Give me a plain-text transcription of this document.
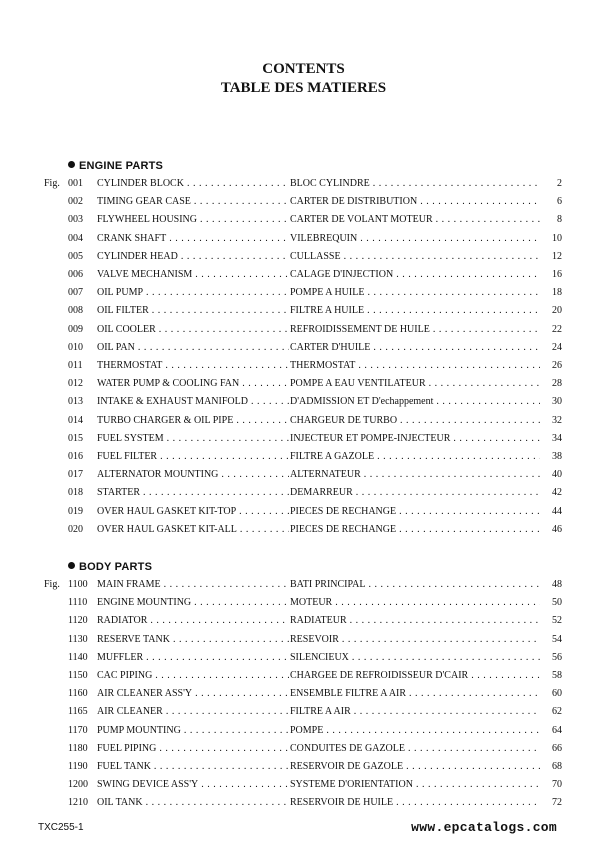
CONTENTS
TABLE DES MATIERES
ENGINE PARTS
Fig. 001 CYLINDER BLOCK . . .	BLOC CYLINDRE . . .	2
002 TIMING GEAR CASE . . .	CARTER DE DISTRIBUTION . . .	6
003 FLYWHEEL HOUSING . . .	CARTER DE VOLANT MOTEUR . . .	8
004 CRANK SHAFT . . .	VILEBREQUIN . . .	10
005 CYLINDER HEAD . . .	CULLASSE . . .	12
006 VALVE MECHANISM . . .	CALAGE D'INJECTION . . .	16
007 OIL PUMP . . .	POMPE A HUILE . . .	18
008 OIL FILTER . . .	FILTRE A HUILE . . .	20
009 OIL COOLER . . .	REFROIDISSEMENT DE HUILE . . .	22
010 OIL PAN . . .	CARTER D'HUILE . . .	24
011 THERMOSTAT . . .	THERMOSTAT . . .	26
012 WATER PUMP & COOLING FAN . . .	POMPE A EAU VENTILATEUR . . .	28
013 INTAKE & EXHAUST MANIFOLD . . .	D'ADMISSION ET D'echappement . . .	30
014 TURBO CHARGER & OIL PIPE . . .	CHARGEUR DE TURBO . . .	32
015 FUEL SYSTEM . . .	INJECTEUR ET POMPE-INJECTEUR . . .	34
016 FUEL FILTER . . .	FILTRE A GAZOLE . . .	38
017 ALTERNATOR MOUNTING . . .	ALTERNATEUR . . .	40
018 STARTER . . .	DEMARREUR . . .	42
019 OVER HAUL GASKET KIT-TOP . . .	PIECES DE RECHANGE . . .	44
020 OVER HAUL GASKET KIT-ALL . . .	PIECES DE RECHANGE . . .	46
BODY PARTS
Fig. 1100 MAIN FRAME . . .	BATI PRINCIPAL . . .	48
1110 ENGINE MOUNTING . . .	MOTEUR . . .	50
1120 RADIATOR . . .	RADIATEUR . . .	52
1130 RESERVE TANK . . .	RESEVOIR . . .	54
1140 MUFFLER . . .	SILENCIEUX . . .	56
1150 CAC PIPING . . .	CHARGEE DE REFROIDISSEUR D'CAIR . . .	58
1160 AIR CLEANER ASS'Y . . .	ENSEMBLE FILTRE A AIR . . .	60
1165 AIR CLEANER . . .	FILTRE A AIR . . .	62
1170 PUMP MOUNTING . . .	POMPE . . .	64
1180 FUEL PIPING . . .	CONDUITES DE GAZOLE . . .	66
1190 FUEL TANK . . .	RESERVOIR DE GAZOLE . . .	68
1200 SWING DEVICE ASS'Y . . .	SYSTEME D'ORIENTATION . . .	70
1210 OIL TANK . . .	RESERVOIR DE HUILE . . .	72
TXC255-1	www.epcatalogs.com
